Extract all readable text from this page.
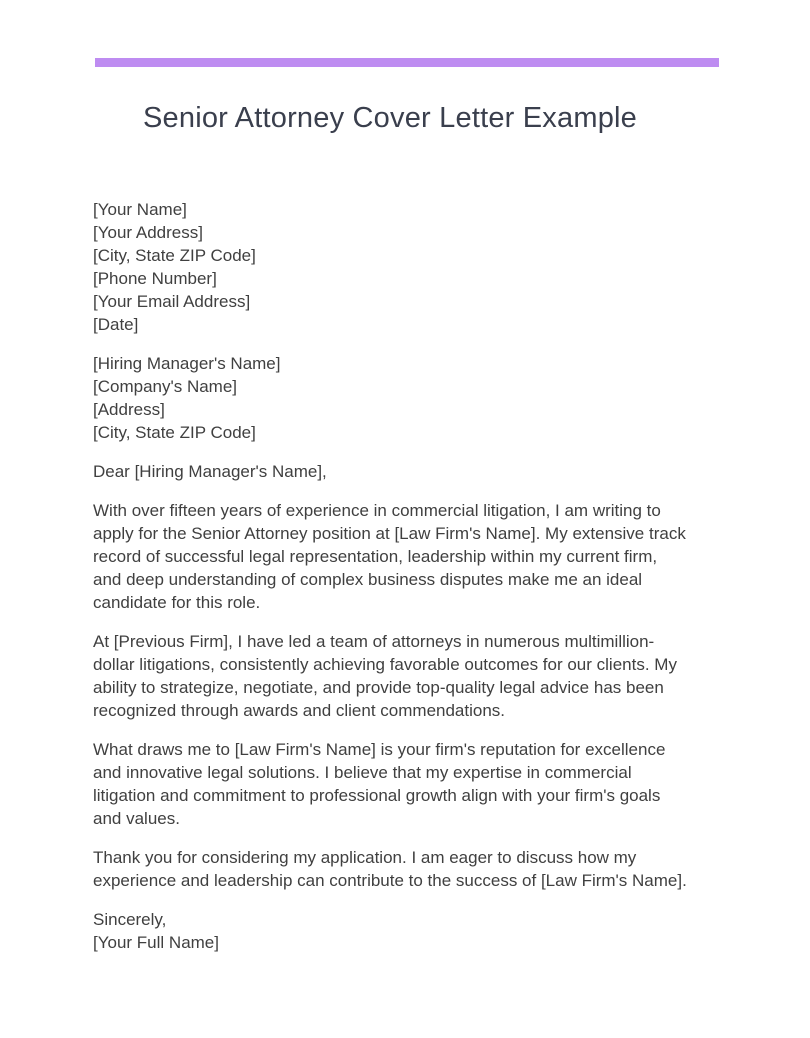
Senior Attorney Cover Letter Example
[Your Name]
[Your Address]
[City, State ZIP Code]
[Phone Number]
[Your Email Address]
[Date]
[Hiring Manager's Name]
[Company's Name]
[Address]
[City, State ZIP Code]

Dear [Hiring Manager's Name],

With over fifteen years of experience in commercial litigation, I am writing to apply for the Senior Attorney position at [Law Firm's Name]. My extensive track record of successful legal representation, leadership within my current firm, and deep understanding of complex business disputes make me an ideal candidate for this role.

At [Previous Firm], I have led a team of attorneys in numerous multimillion-dollar litigations, consistently achieving favorable outcomes for our clients. My ability to strategize, negotiate, and provide top-quality legal advice has been recognized through awards and client commendations.

What draws me to [Law Firm's Name] is your firm's reputation for excellence and innovative legal solutions. I believe that my expertise in commercial litigation and commitment to professional growth align with your firm's goals and values.

Thank you for considering my application. I am eager to discuss how my experience and leadership can contribute to the success of [Law Firm's Name].

Sincerely,
[Your Full Name]
